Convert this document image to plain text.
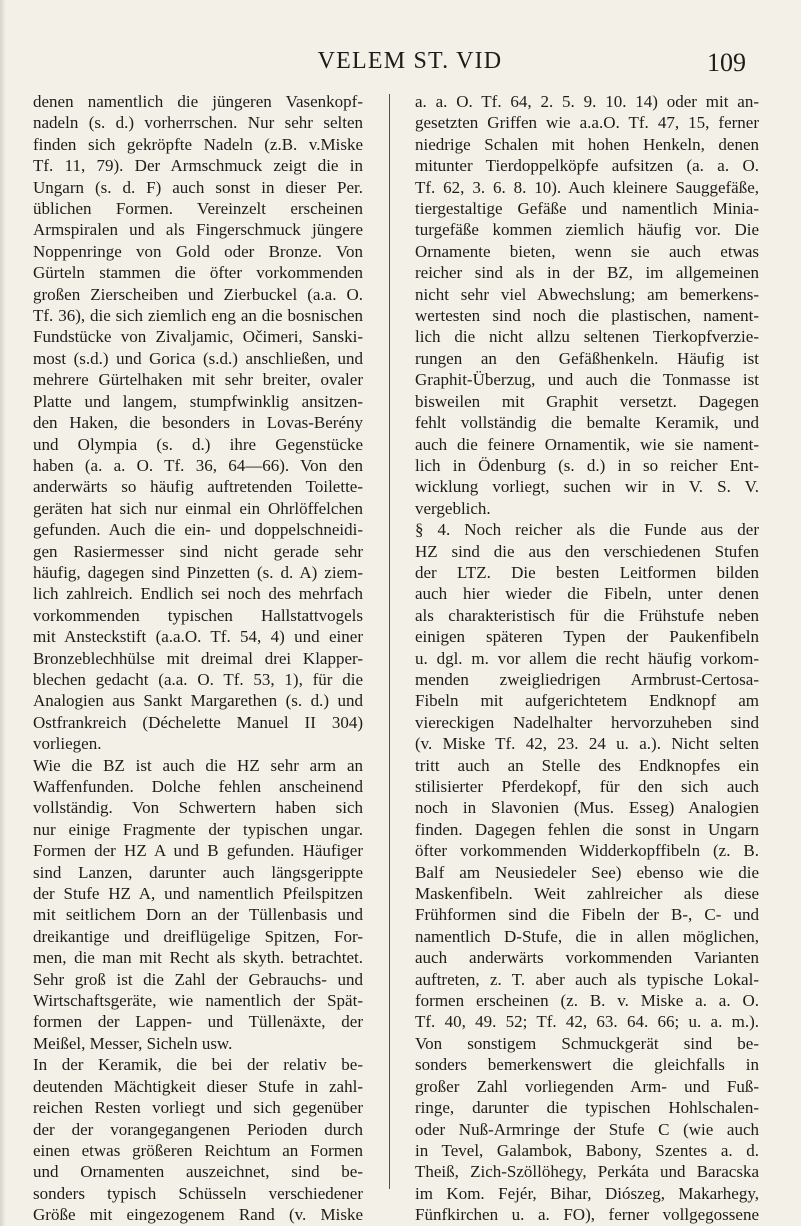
VELEM ST. VID	109
denen namentlich die jüngeren Vasenkopf-
nadeln (s. d.) vorherrschen. Nur sehr selten
finden sich gekröpfte Nadeln (z.B. v.Miske
Tf. 11, 79). Der Armschmuck zeigt die in
Ungarn (s. d. F) auch sonst in dieser Per.
üblichen Formen. Vereinzelt erscheinen
Armspiralen und als Fingerschmuck jüngere
Noppenringe von Gold oder Bronze. Von
Gürteln stammen die öfter vorkommenden
großen Zierscheiben und Zierbuckel (a.a. O.
Tf. 36), die sich ziemlich eng an die bosnischen
Fundstücke von Zivaljamic, Očimeri, Sanski-
most (s.d.) und Gorica (s.d.) anschließen, und
mehrere Gürtelhaken mit sehr breiter, ovaler
Platte und langem, stumpfwinklig ansitzen-
den Haken, die besonders in Lovas-Berény
und Olympia (s. d.) ihre Gegenstücke
haben (a. a. O. Tf. 36, 64—66). Von den
anderwärts so häufig auftretenden Toilette-
geräten hat sich nur einmal ein Ohrlöffelchen
gefunden. Auch die ein- und doppelschneidi-
gen Rasiermesser sind nicht gerade sehr
häufig, dagegen sind Pinzetten (s. d. A) ziem-
lich zahlreich. Endlich sei noch des mehrfach
vorkommenden typischen Hallstattvogels
mit Ansteckstift (a.a.O. Tf. 54, 4) und einer
Bronzeblechhülse mit dreimal drei Klapper-
blechen gedacht (a.a. O. Tf. 53, 1), für die
Analogien aus Sankt Margarethen (s. d.) und
Ostfrankreich (Déchelette Manuel II 304)
vorliegen.
Wie die BZ ist auch die HZ sehr arm an
Waffenfunden. Dolche fehlen anscheinend
vollständig. Von Schwertern haben sich
nur einige Fragmente der typischen ungar.
Formen der HZ A und B gefunden. Häufiger
sind Lanzen, darunter auch längsgerippte
der Stufe HZ A, und namentlich Pfeilspitzen
mit seitlichem Dorn an der Tüllenbasis und
dreikantige und dreiflügelige Spitzen, For-
men, die man mit Recht als skyth. betrachtet.
Sehr groß ist die Zahl der Gebrauchs- und
Wirtschaftsgeräte, wie namentlich der Spät-
formen der Lappen- und Tüllenäxte, der
Meißel, Messer, Sicheln usw.
In der Keramik, die bei der relativ be-
deutenden Mächtigkeit dieser Stufe in zahl-
reichen Resten vorliegt und sich gegenüber
der der vorangegangenen Perioden durch
einen etwas größeren Reichtum an Formen
und Ornamenten auszeichnet, sind be-
sonders typisch Schüsseln verschiedener
Größe mit eingezogenem Rand (v. Miske
a. a. O. Tf. 64, 2. 5. 9. 10. 14) oder mit an-
gesetzten Griffen wie a.a.O. Tf. 47, 15, ferner
niedrige Schalen mit hohen Henkeln, denen
mitunter Tierdoppelköpfe aufsitzen (a. a. O.
Tf. 62, 3. 6. 8. 10). Auch kleinere Sauggefäße,
tiergestaltige Gefäße und namentlich Minia-
turgefäße kommen ziemlich häufig vor. Die
Ornamente bieten, wenn sie auch etwas
reicher sind als in der BZ, im allgemeinen
nicht sehr viel Abwechslung; am bemerkens-
wertesten sind noch die plastischen, nament-
lich die nicht allzu seltenen Tierkopfverzie-
rungen an den Gefäßhenkeln. Häufig ist
Graphit-Überzug, und auch die Tonmasse ist
bisweilen mit Graphit versetzt. Dagegen
fehlt vollständig die bemalte Keramik, und
auch die feinere Ornamentik, wie sie nament-
lich in Ödenburg (s. d.) in so reicher Ent-
wicklung vorliegt, suchen wir in V. S. V.
vergeblich.
§ 4. Noch reicher als die Funde aus der
HZ sind die aus den verschiedenen Stufen
der LTZ. Die besten Leitformen bilden
auch hier wieder die Fibeln, unter denen
als charakteristisch für die Frühstufe neben
einigen späteren Typen der Paukenfibeln
u. dgl. m. vor allem die recht häufig vorkom-
menden zweigliedrigen Armbrust-Certosa-
Fibeln mit aufgerichtetem Endknopf am
viereckigen Nadelhalter hervorzuheben sind
(v. Miske Tf. 42, 23. 24 u. a.). Nicht selten
tritt auch an Stelle des Endknopfes ein
stilisierter Pferdekopf, für den sich auch
noch in Slavonien (Mus. Esseg) Analogien
finden. Dagegen fehlen die sonst in Ungarn
öfter vorkommenden Widderkopffibeln (z. B.
Balf am Neusiedeler See) ebenso wie die
Maskenfibeln. Weit zahlreicher als diese
Frühformen sind die Fibeln der B-, C- und
namentlich D-Stufe, die in allen möglichen,
auch anderwärts vorkommenden Varianten
auftreten, z. T. aber auch als typische Lokal-
formen erscheinen (z. B. v. Miske a. a. O.
Tf. 40, 49. 52; Tf. 42, 63. 64. 66; u. a. m.).
Von sonstigem Schmuckgerät sind be-
sonders bemerkenswert die gleichfalls in
großer Zahl vorliegenden Arm- und Fuß-
ringe, darunter die typischen Hohlschalen-
oder Nuß-Armringe der Stufe C (wie auch
in Tevel, Galambok, Babony, Szentes a. d.
Theiß, Zich-Szöllöhegy, Perkáta und Baracska
im Kom. Fejér, Bihar, Diószeg, Makarhegy,
Fünfkirchen u. a. FO), ferner vollgegossene
